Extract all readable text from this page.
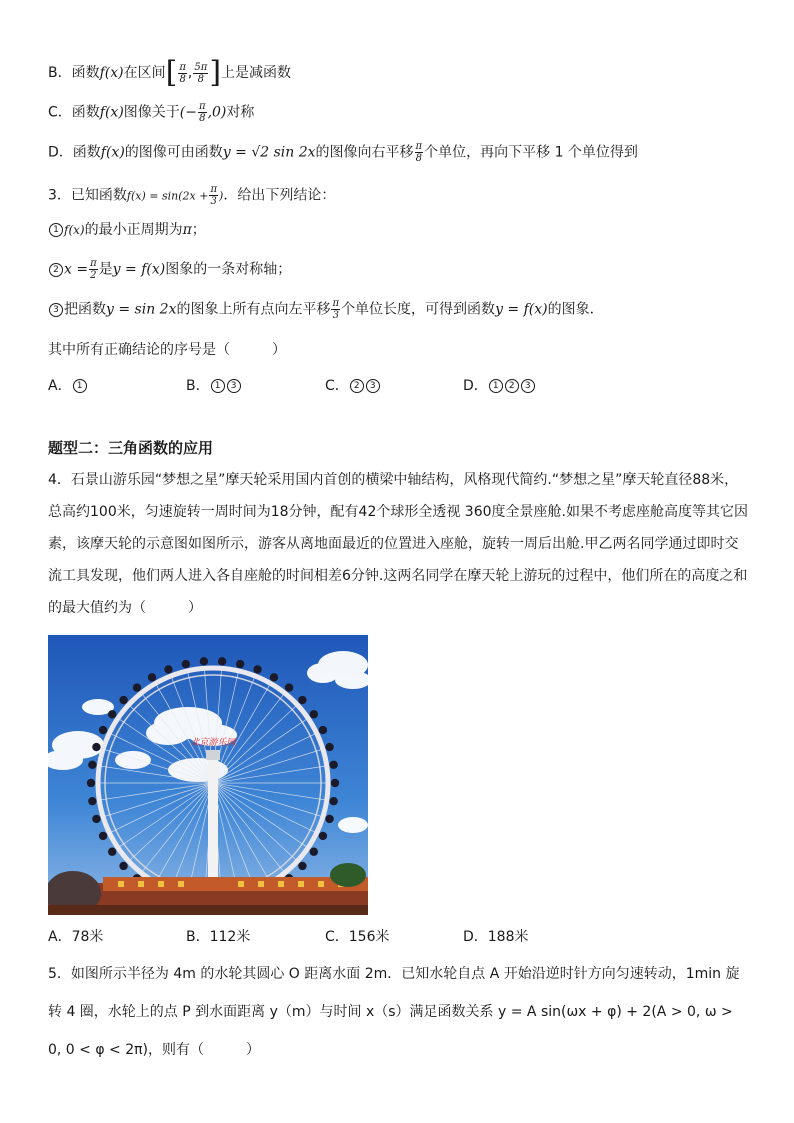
B．函数f(x)在区间 [ $\frac{\pi}{8}$ , $\frac{5\pi}{8}$ ] 上是减函数
C．函数f(x)图像关于(− $\frac{\pi}{8} ,0$)对称
D．函数f(x)的图像可由函数y = √2 sin 2x的图像向右平移 $\frac{\pi}{8}$ 个单位，再向下平移 1 个单位得到
3．已知函数$f(x) = \sin(2x + \frac{\pi}{3}$ )．给出下列结论：
1 f(x)的最小正周期为π；
2 $x = \frac{\pi}{2}$ 是y = f(x)图象的一条对称轴；
3 把函数y = sin 2x的图象上所有点向左平移 $\frac{\pi}{3}$ 个单位长度，可得到函数y = f(x)的图象．
其中所有正确结论的序号是（　　　）
A． 1	B． 1 3	C． 2 3	D． 1 2 3
题型二：三角函数的应用
4．石景山游乐园“梦想之星”摩天轮采用国内首创的横梁中轴结构，风格现代简约.“梦想之星”摩天轮直径88米，总高约100米，匀速旋转一周时间为18分钟，配有42个球形全透视 360度全景座舱.如果不考虑座舱高度等其它因素，该摩天轮的示意图如图所示，游客从离地面最近的位置进入座舱，旋转一周后出舱.甲乙两名同学通过即时交流工具发现，他们两人进入各自座舱的时间相差6分钟.这两名同学在摩天轮上游玩的过程中，他们所在的高度之和的最大值约为（　　　）
北京游乐园
A．78米	B．112米	C．156米	D．188米
5．如图所示半径为 4m 的水轮其圆心 O 距离水面 2m．已知水轮自点 A 开始沿逆时针方向匀速转动，1min 旋转 4 圈，水轮上的点 P 到水面距离 y（m）与时间 x（s）满足函数关系 y = A sin(ωx + φ) + 2(A > 0, ω > 0, 0 < φ < 2π)，则有（　　　）
